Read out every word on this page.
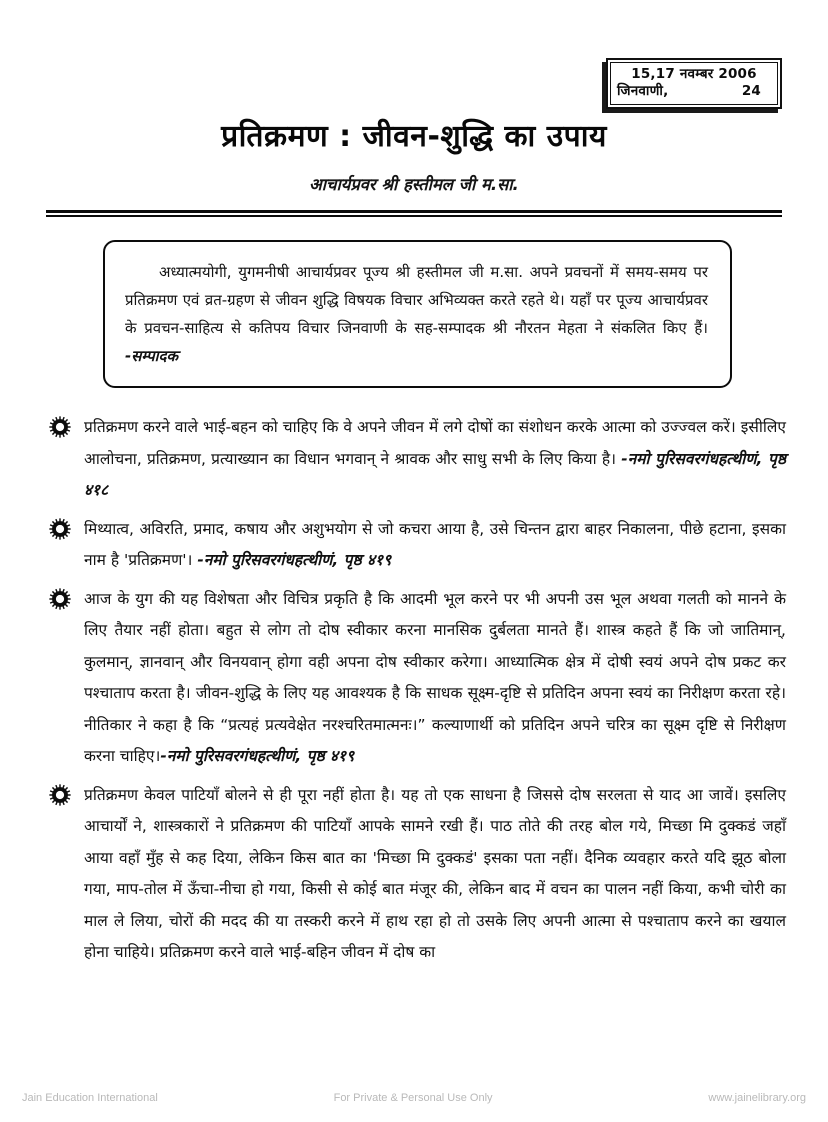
15,17 नवम्बर 2006
जिनवाणी,	24
प्रतिक्रमण : जीवन-शुद्धि का उपाय
आचार्यप्रवर श्री हस्तीमल जी म.सा.
अध्यात्मयोगी, युगमनीषी आचार्यप्रवर पूज्य श्री हस्तीमल जी म.सा. अपने प्रवचनों में समय-समय पर प्रतिक्रमण एवं व्रत-ग्रहण से जीवन शुद्धि विषयक विचार अभिव्यक्त करते रहते थे। यहाँ पर पूज्य आचार्यप्रवर के प्रवचन-साहित्य से कतिपय विचार जिनवाणी के सह-सम्पादक श्री नौरतन मेहता ने संकलित किए हैं। -सम्पादक
प्रतिक्रमण करने वाले भाई-बहन को चाहिए कि वे अपने जीवन में लगे दोषों का संशोधन करके आत्मा को उज्ज्वल करें। इसीलिए आलोचना, प्रतिक्रमण, प्रत्याख्यान का विधान भगवान् ने श्रावक और साधु सभी के लिए किया है। -नमो पुरिसवरगंधहत्थीणं, पृष्ठ ४१८
मिथ्यात्व, अविरति, प्रमाद, कषाय और अशुभयोग से जो कचरा आया है, उसे चिन्तन द्वारा बाहर निकालना, पीछे हटाना, इसका नाम है 'प्रतिक्रमण'। -नमो पुरिसवरगंधहत्थीणं, पृष्ठ ४१९
आज के युग की यह विशेषता और विचित्र प्रकृति है कि आदमी भूल करने पर भी अपनी उस भूल अथवा गलती को मानने के लिए तैयार नहीं होता। बहुत से लोग तो दोष स्वीकार करना मानसिक दुर्बलता मानते हैं। शास्त्र कहते हैं कि जो जातिमान्, कुलमान्, ज्ञानवान् और विनयवान् होगा वही अपना दोष स्वीकार करेगा। आध्यात्मिक क्षेत्र में दोषी स्वयं अपने दोष प्रकट कर पश्चाताप करता है। जीवन-शुद्धि के लिए यह आवश्यक है कि साधक सूक्ष्म-दृष्टि से प्रतिदिन अपना स्वयं का निरीक्षण करता रहे। नीतिकार ने कहा है कि “प्रत्यहं प्रत्यवेक्षेत नरश्चरितमात्मनः।” कल्याणार्थी को प्रतिदिन अपने चरित्र का सूक्ष्म दृष्टि से निरीक्षण करना चाहिए।-नमो पुरिसवरगंधहत्थीणं, पृष्ठ ४१९
प्रतिक्रमण केवल पाटियाँ बोलने से ही पूरा नहीं होता है। यह तो एक साधना है जिससे दोष सरलता से याद आ जावें। इसलिए आचार्यों ने, शास्त्रकारों ने प्रतिक्रमण की पाटियाँ आपके सामने रखी हैं। पाठ तोते की तरह बोल गये, मिच्छा मि दुक्कडं जहाँ आया वहाँ मुँह से कह दिया, लेकिन किस बात का 'मिच्छा मि दुक्कडं' इसका पता नहीं। दैनिक व्यवहार करते यदि झूठ बोला गया, माप-तोल में ऊँचा-नीचा हो गया, किसी से कोई बात मंजूर की, लेकिन बाद में वचन का पालन नहीं किया, कभी चोरी का माल ले लिया, चोरों की मदद की या तस्करी करने में हाथ रहा हो तो उसके लिए अपनी आत्मा से पश्चाताप करने का खयाल होना चाहिये। प्रतिक्रमण करने वाले भाई-बहिन जीवन में दोष का
Jain Education International	For Private & Personal Use Only	www.jainelibrary.org
